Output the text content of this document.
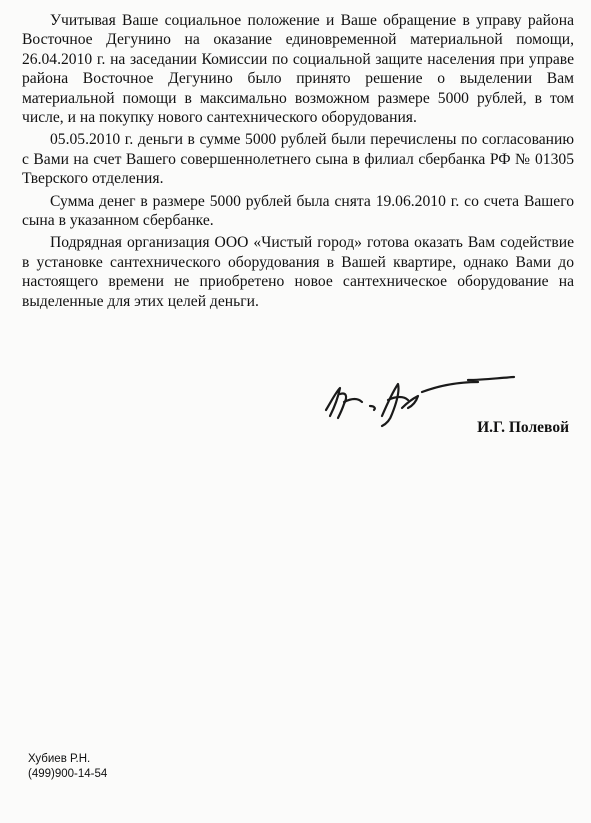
Учитывая Ваше социальное положение и Ваше обращение в управу района Восточное Дегунино на оказание единовременной материальной помощи, 26.04.2010 г. на заседании Комиссии по социальной защите населения при управе района Восточное Дегунино было принято решение о выделении Вам материальной помощи в максимально возможном размере 5000 рублей, в том числе, и на покупку нового сантехнического оборудования.

05.05.2010 г. деньги в сумме 5000 рублей были перечислены по согласованию с Вами на счет Вашего совершеннолетнего сына в филиал сбербанка РФ № 01305 Тверского отделения.

Сумма денег в размере 5000 рублей была снята 19.06.2010 г. со счета Вашего сына в указанном сбербанке.

Подрядная организация ООО «Чистый город» готова оказать Вам содействие в установке сантехнического оборудования в Вашей квартире, однако Вами до настоящего времени не приобретено новое сантехническое оборудование на выделенные для этих целей деньги.

И.Г. Полевой
Хубиев Р.Н.
(499)900-14-54
